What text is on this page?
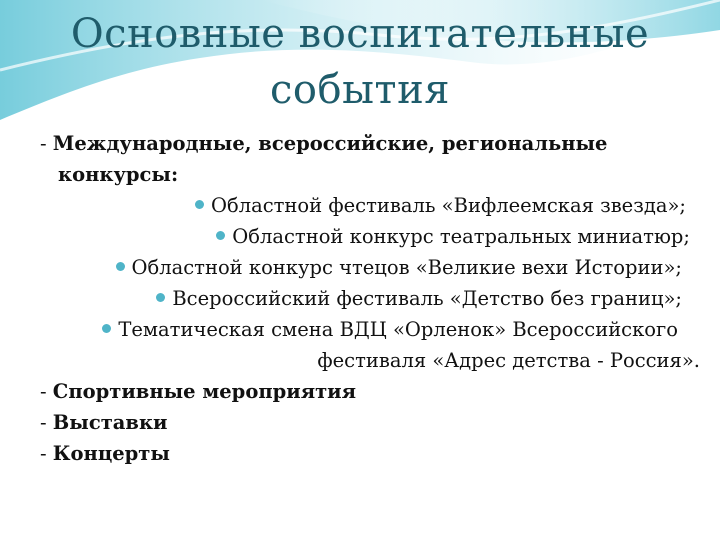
Основные воспитательные
события
- Международные, всероссийские, региональные
конкурсы:
Областной фестиваль «Вифлеемская звезда»;
Областной конкурс театральных миниатюр;
Областной конкурс чтецов «Великие вехи Истории»;
Всероссийский фестиваль «Детство без границ»;
Тематическая смена ВДЦ «Орленок» Всероссийского
фестиваля «Адрес детства - Россия».
- Спортивные мероприятия
- Выставки
- Концерты
